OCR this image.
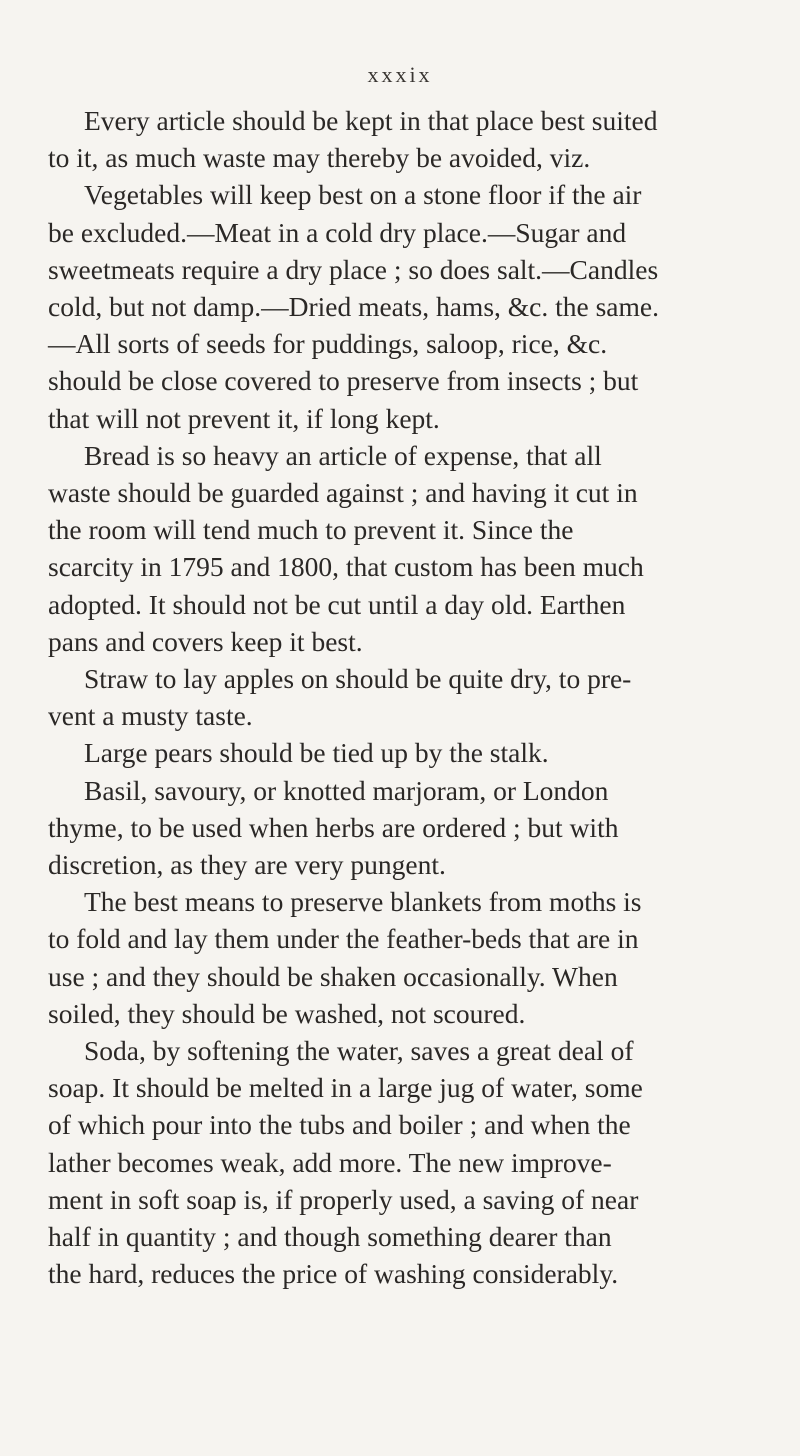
xxxix
Every article should be kept in that place best suited
to it, as much waste may thereby be avoided, viz.
Vegetables will keep best on a stone floor if the air
be excluded.—Meat in a cold dry place.—Sugar and
sweetmeats require a dry place ; so does salt.—Candles
cold, but not damp.—Dried meats, hams, &c. the same.
—All sorts of seeds for puddings, saloop, rice, &c.
should be close covered to preserve from insects ; but
that will not prevent it, if long kept.
Bread is so heavy an article of expense, that all
waste should be guarded against ; and having it cut in
the room will tend much to prevent it. Since the
scarcity in 1795 and 1800, that custom has been much
adopted. It should not be cut until a day old. Earthen
pans and covers keep it best.
Straw to lay apples on should be quite dry, to pre-
vent a musty taste.
Large pears should be tied up by the stalk.
Basil, savoury, or knotted marjoram, or London
thyme, to be used when herbs are ordered ; but with
discretion, as they are very pungent.
The best means to preserve blankets from moths is
to fold and lay them under the feather-beds that are in
use ; and they should be shaken occasionally. When
soiled, they should be washed, not scoured.
Soda, by softening the water, saves a great deal of
soap. It should be melted in a large jug of water, some
of which pour into the tubs and boiler ; and when the
lather becomes weak, add more. The new improve-
ment in soft soap is, if properly used, a saving of near
half in quantity ; and though something dearer than
the hard, reduces the price of washing considerably.
